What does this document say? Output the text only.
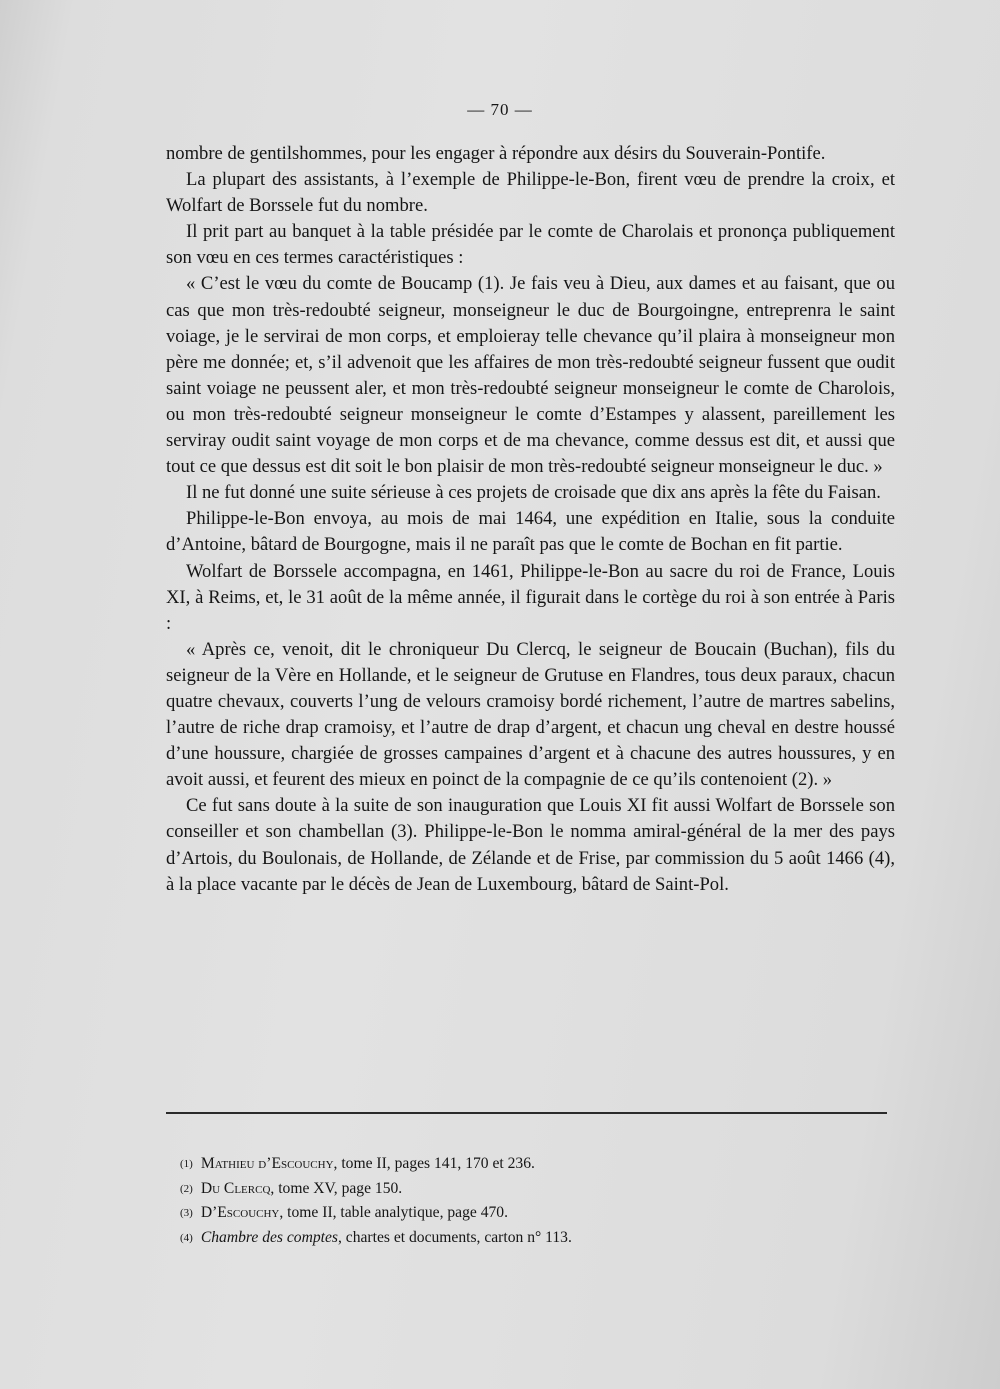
— 70 —

nombre de gentilshommes, pour les engager à répondre aux désirs du Souverain-Pontife.

La plupart des assistants, à l’exemple de Philippe-le-Bon, firent vœu de prendre la croix, et Wolfart de Borssele fut du nombre.

Il prit part au banquet à la table présidée par le comte de Charolais et prononça publiquement son vœu en ces termes caractéristiques :

« C’est le vœu du comte de Boucamp (1). Je fais veu à Dieu, aux dames et au faisant, que ou cas que mon très-redoubté seigneur, monseigneur le duc de Bourgoingne, entreprenra le saint voiage, je le servirai de mon corps, et emploieray telle chevance qu’il plaira à monseigneur mon père me donnée; et, s’il advenoit que les affaires de mon très-redoubté seigneur fussent que oudit saint voiage ne peussent aler, et mon très-redoubté seigneur monseigneur le comte de Charolois, ou mon très-redoubté seigneur monseigneur le comte d’Estampes y alassent, pareillement les serviray oudit saint voyage de mon corps et de ma chevance, comme dessus est dit, et aussi que tout ce que dessus est dit soit le bon plaisir de mon très-redoubté seigneur monseigneur le duc. »

Il ne fut donné une suite sérieuse à ces projets de croisade que dix ans après la fête du Faisan.

Philippe-le-Bon envoya, au mois de mai 1464, une expédition en Italie, sous la conduite d’Antoine, bâtard de Bourgogne, mais il ne paraît pas que le comte de Bochan en fit partie.

Wolfart de Borssele accompagna, en 1461, Philippe-le-Bon au sacre du roi de France, Louis XI, à Reims, et, le 31 août de la même année, il figurait dans le cortège du roi à son entrée à Paris :

« Après ce, venoit, dit le chroniqueur Du Clercq, le seigneur de Boucain (Buchan), fils du seigneur de la Vère en Hollande, et le seigneur de Grutuse en Flandres, tous deux paraux, chacun quatre chevaux, couverts l’ung de velours cramoisy bordé richement, l’autre de martres sabelins, l’autre de riche drap cramoisy, et l’autre de drap d’argent, et chacun ung cheval en destre houssé d’une houssure, chargiée de grosses campaines d’argent et à chacune des autres houssures, y en avoit aussi, et feurent des mieux en poinct de la compagnie de ce qu’ils contenoient (2). »

Ce fut sans doute à la suite de son inauguration que Louis XI fit aussi Wolfart de Borssele son conseiller et son chambellan (3). Philippe-le-Bon le nomma amiral-général de la mer des pays d’Artois, du Boulonais, de Hollande, de Zélande et de Frise, par commission du 5 août 1466 (4), à la place vacante par le décès de Jean de Luxembourg, bâtard de Saint-Pol.

(1) Mathieu d’Escouchy, tome II, pages 141, 170 et 236.
(2) Du Clercq, tome XV, page 150.
(3) D’Escouchy, tome II, table analytique, page 470.
(4) Chambre des comptes, chartes et documents, carton n° 113.
